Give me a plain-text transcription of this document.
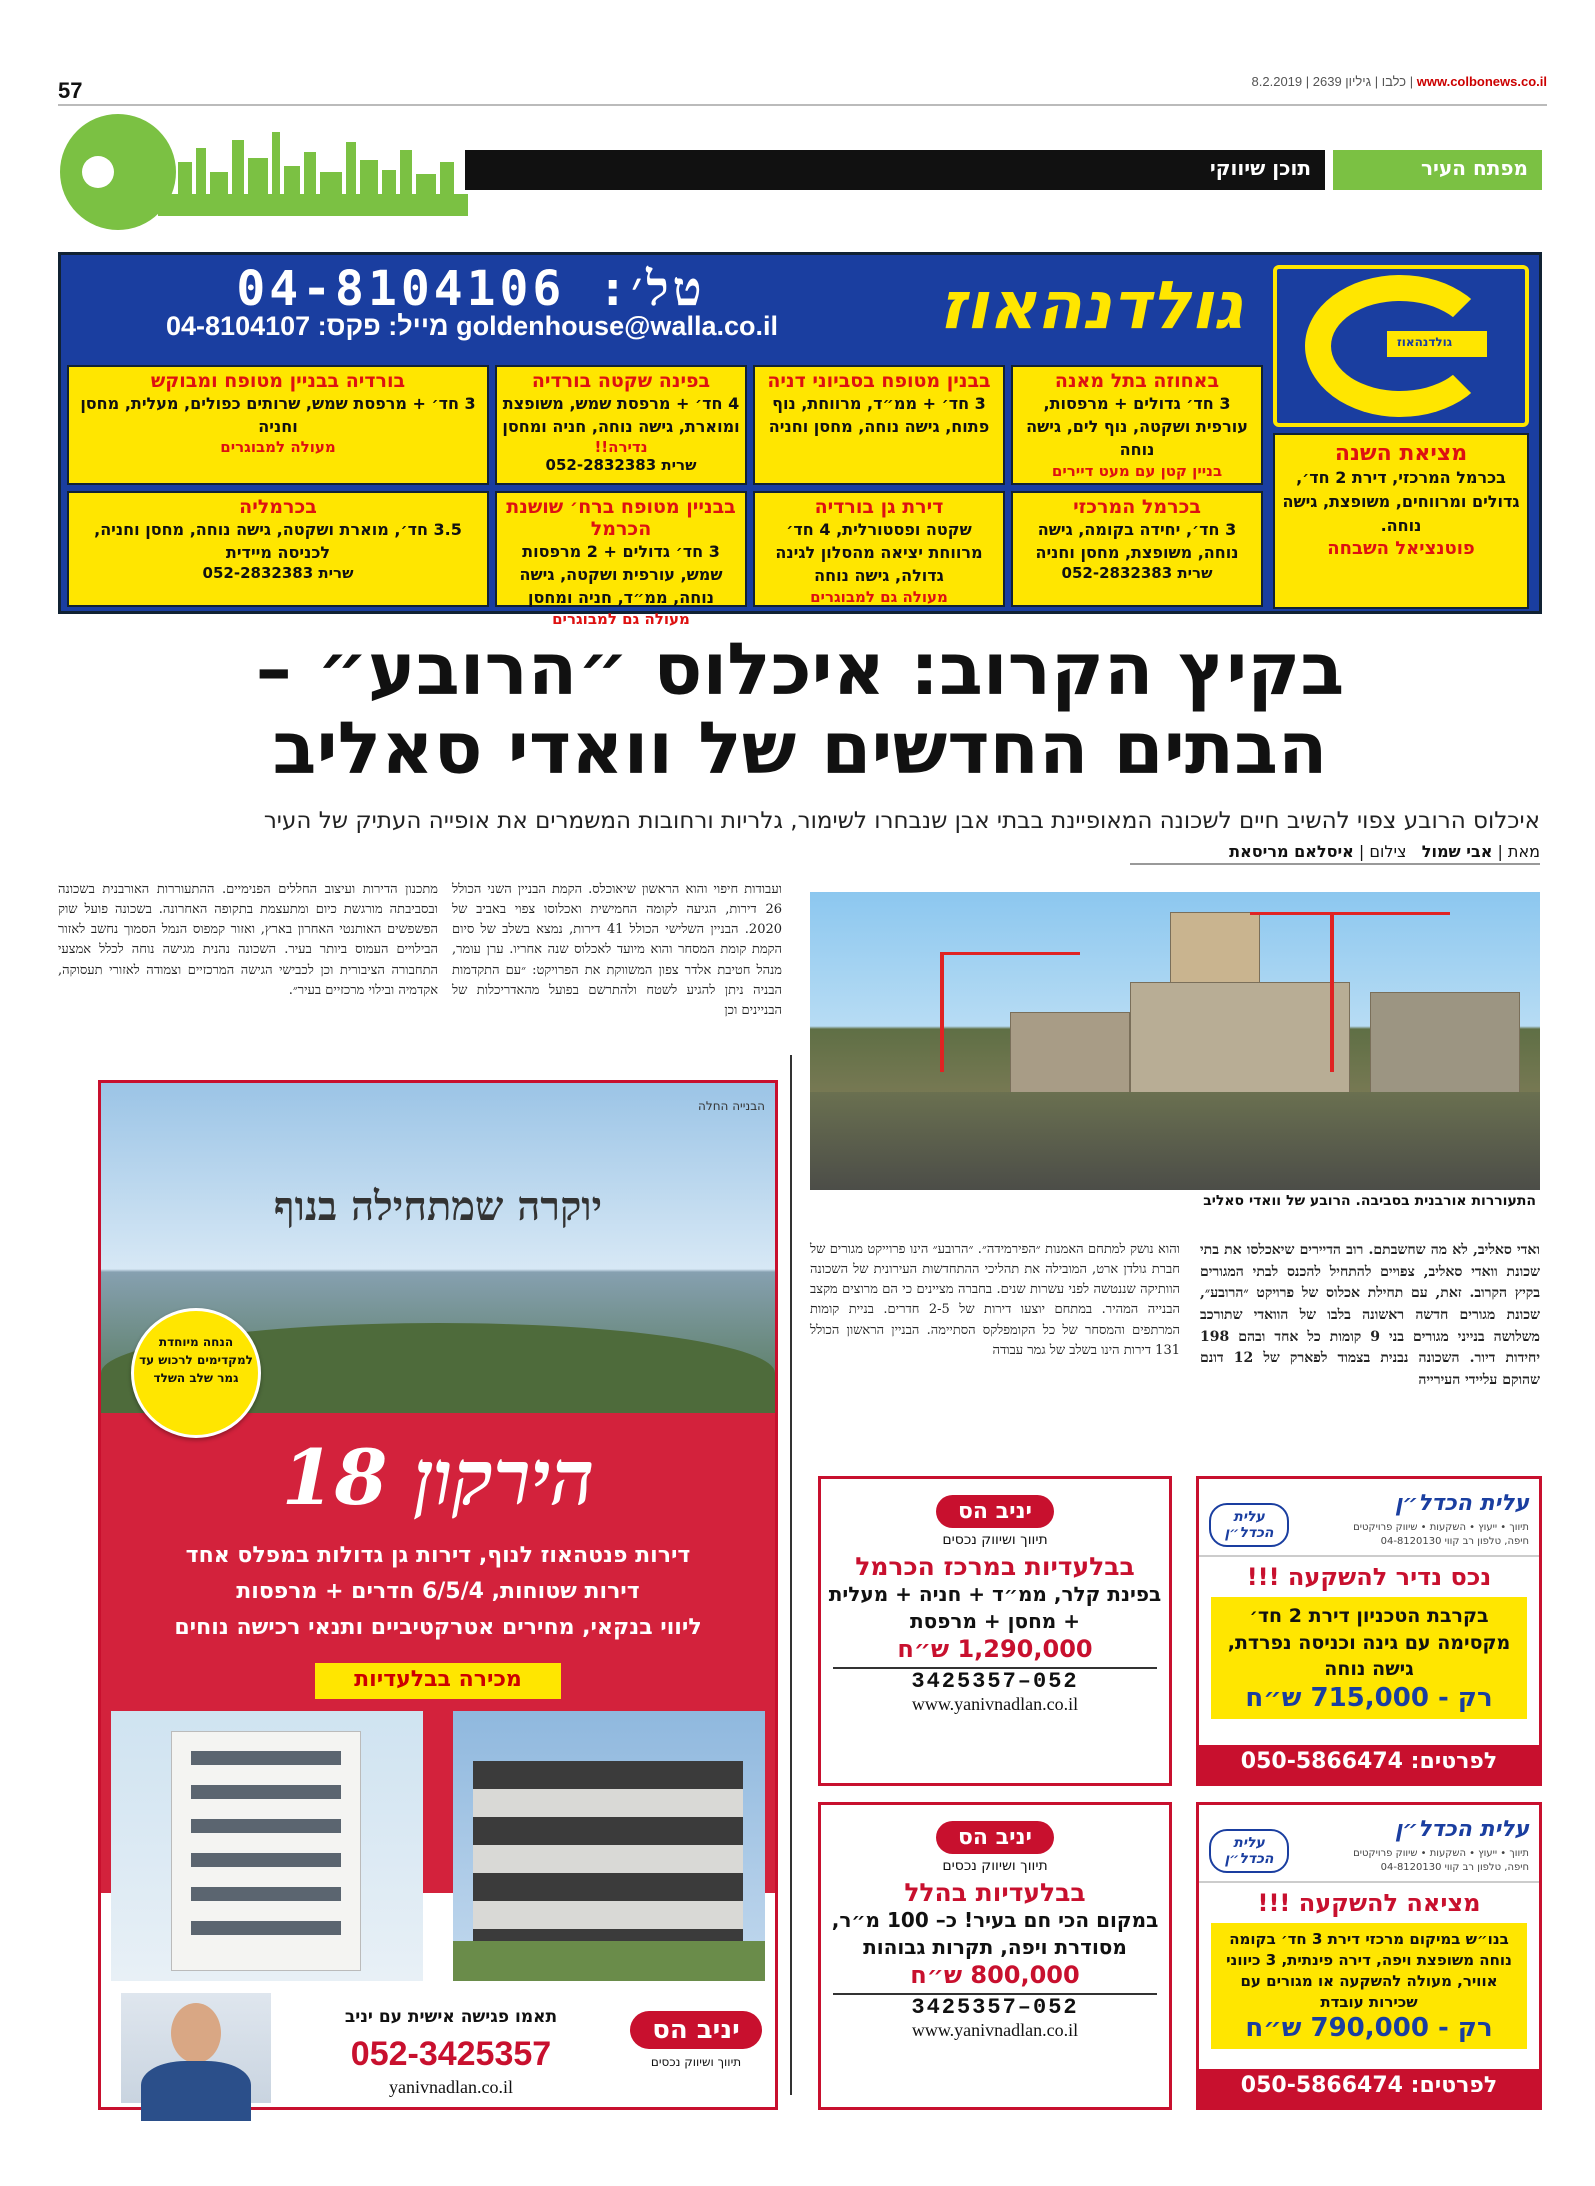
57	www.colbonews.co.il | כלבו | גיליון 2639 | 8.2.2019
תוכן שיווקי	מפתח העיר
גולדנהאוז
גולדנהאוז
טל׳: 04-8104106
goldenhouse@walla.co.il מייל: פקס: 04-8104107
באחוזה בתל מאנה
3 חד׳ גדולים + מרפסות, עורפית ושקטה, נוף לים, גישה נוחה
בניין קטן עם מעט דיירים
בבנין מטופח בסביוני דניה
3 חד׳ + ממ״ד, מרווחת, נוף פתוח, גישה נוחה, מחסן וחניה
בפינה שקטה בורדיה
4 חד׳ + מרפסת שמש, משופצת ומוארת, גישה נוחה, חניה ומחסן
נדירה!!
שרית 052-2832383
בורדיה בבניין מטופח ומבוקש
3 חד׳ + מרפסת שמש, שרותים כפולים, מעלית, מחסן וחניה
מעולה למבוגרים
בכרמל המרכזי
3 חד׳, יחידה בקומה, גישה נוחה, משופצת, מחסן וחניה
שרית 052-2832383
דירת גן בורדיה
שקטה ופסטורלית, 4 חד׳ מרווחת יציאה מהסלון לגינה גדולה, גישה נוחה
מעולה גם למבוגרים
בבניין מטופח ברח׳ שושנת הכרמל
3 חד׳ גדולים + 2 מרפסות שמש, עורפית ושקטה, גישה נוחה, ממ״ד, חניה ומחסן
מעולה גם למבוגרים
בכרמליה
3.5 חד׳, מוארת ושקטה, גישה נוחה, מחסן וחניה, לכניסה מיידית
שרית 052-2832383
מציאת השנה
בכרמל המרכזי, דירת 2 חד׳, גדולים ומרווחים, משופצת, גישה נוחה.
פוטנציאל השבחה
בקיץ הקרוב: איכלוס ״הרובע״ –
הבתים החדשים של וואדי סאליב
איכלוס הרובע צפוי להשיב חיים לשכונה המאופיינת בבתי אבן שנבחרו לשימור, גלריות ורחובות המשמרים את אופייה העתיק של העיר
מאת | אבי שמול   צילום | איסלאם מריסאת
ועבודות חיפוי והוא הראשון שיאוכלס. הקמת הבניין השני הכולל 26 דירות, הגיעה לקומה החמישית ואכלוסו צפוי באביב של 2020. הבניין השלישי הכולל 41 דירות, נמצא בשלב של סיום הקמת קומת המסחר והוא מיועד לאכלוס שנה אחריו. ערן עומר, מנהל חטיבת אלדר צפון המשווקת את הפרויקט: ״עם התקדמות הבניה ניתן להגיע לשטח ולהתרשם בפועל מהאדריכלות של הבניינים וכן
מתכנון הדירות ועיצוב החללים הפנימיים. ההתעוררות האורבנית בשכונה ובסביבתה מורגשת כיום ומתעצמת בתקופה האחרונה. בשכונה פועל שוק הפשפשים האותנטי האחרון בארץ, ואזור קמפוס הנמל הסמוך נחשב לאזור הבילויים העמוס ביותר בעיר. השכונה נהנית מגישה נוחה לכלל אמצעי התחבורה הציבורית וכן לכבישי הגישה המרכזיים וצמודה לאזורי תעסוקה, אקדמיה ובילוי מרכזיים בעיר״.
ואדי סאליב, לא מה שחשבתם. רוב הדיירים שיאכלסו את בתי שכונת וואדי סאליב, צפויים להתחיל להכנס לבתי המגורים בקיץ הקרוב. זאת, עם תחילת אכלוס של פרויקט ״הרובע״, שכונת מגורים חדשה ראשונה בלבו של הוואדי שתורכב משלושה בנייני מגורים בני 9 קומות כל אחד ובהם 198 יחידות דיור. השכונה נבנית בצמוד לפארק של 12 דונם שהוקם עליידי העירייה
והוא נושק למתחם האמנות ״הפירמידה״. ״הרובע״ הינו פרוייקט מגורים של חברת גולדן ארט, המובילה את תהליכי ההתחדשות העירונית של השכונה הוותיקה שננטשה לפני עשרות שנים. בחברה מציינים כי הם מרוצים מקצב הבנייה המהיר. במתחם יוצעו דירות של 2-5 חדרים. בניית קומות המרתפים והמסחר של כל הקומפלקס הסתיימה. הבניין הראשון הכולל 131 דירות הינו בשלב של גמר עבודה
התעוררות אורבנית בסביבה. הרובע של וואדי סאליב
הבנייה החלה
יוקרה שמתחילה בנוף
הנחה מיוחדת למקדימים לרכוש עד גמר שלב השלד
הירקון 18
דירות פנטהאוז לנוף, דירות גן גדולות במפלס אחד
דירות שטוחות, 6/5/4 חדרים + מרפסות
ליווי בנקאי, מחירים אטרקטיביים ותנאי רכישה נוחים
מכירה בבלעדיות
תאמו פגישה אישית עם יניב
052-3425357
yanivnadlan.co.il
יניב הס
תיווך ושיווק נכסים
יניב הס
תיווך ושיווק נכסים
בבלעדיות במרכז הכרמל
בפינת קלר, ממ״ד + חניה + מעלית + מחסן + מרפסת
1,290,000 ש״ח
052–3425357
www.yanivnadlan.co.il
יניב הס
תיווך ושיווק נכסים
בבלעדיות בהלל
במקום הכי חם בעיר! כ– 100 מ״ר, מסודרת ויפה, תקרות גבוהות
800,000 ש״ח
052–3425357
www.yanivnadlan.co.il
עלית הכדל״ן
עלית הכדל״ן	תיווך • ייעוץ • השקעות • שיווק פרויקטים חיפה, טלפון רב קווי 04-8120130
נכס נדיר להשקעה !!!
בקרבת הטכניון דירת 2 חד׳ מקסימה עם גינה וכניסה נפרדת, גישה נוחה
רק - 715,000 ש״ח
לפרטים: 050-5866474
עלית הכדל״ן
עלית הכדל״ן	תיווך • ייעוץ • השקעות • שיווק פרויקטים חיפה, טלפון רב קווי 04-8120130
מציאה להשקעה !!!
בנו״ש במיקום מרכזי דירת 3 חד׳ בקומה נוחה משופצת ויפה, דירה פינתית, 3 כיווני אוויר, מעולה להשקעה או מגורים עם שכירות עובדת
רק - 790,000 ש״ח
לפרטים: 050-5866474
